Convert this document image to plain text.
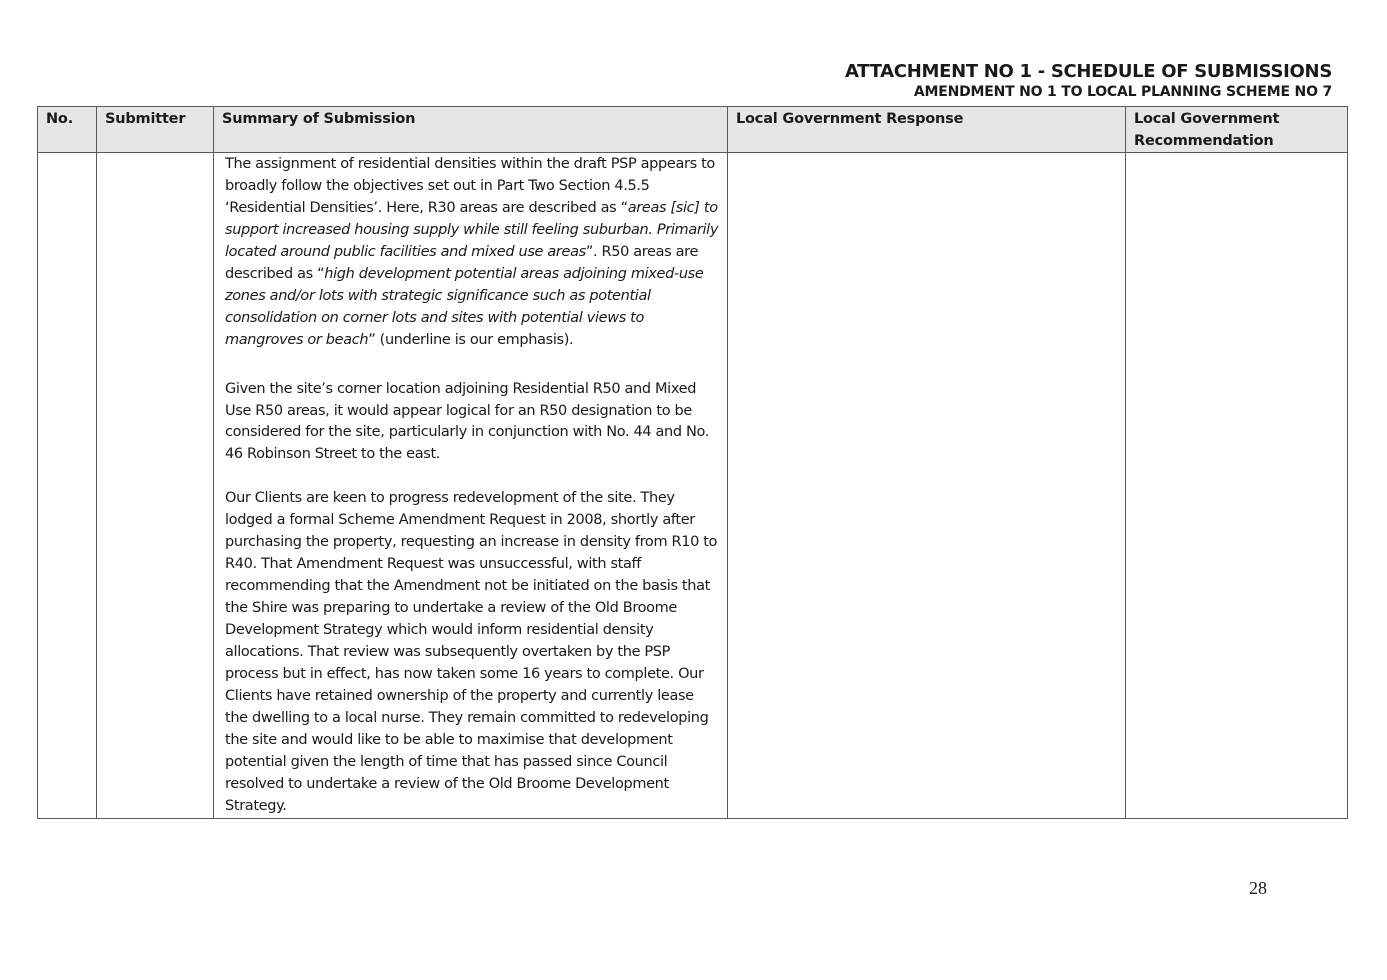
ATTACHMENT NO 1 - SCHEDULE OF SUBMISSIONS
AMENDMENT NO 1 TO LOCAL PLANNING SCHEME NO 7
No.	Submitter	Summary of Submission	Local Government Response	Local Government Recommendation

		The assignment of residential densities within the draft PSP appears to broadly follow the objectives set out in Part Two Section 4.5.5 ‘Residential Densities’. Here, R30 areas are described as “areas [sic] to support increased housing supply while still feeling suburban. Primarily located around public facilities and mixed use areas”. R50 areas are described as “high development potential areas adjoining mixed-use zones and/or lots with strategic significance such as potential consolidation on corner lots and sites with potential views to mangroves or beach” (underline is our emphasis).

Given the site’s corner location adjoining Residential R50 and Mixed Use R50 areas, it would appear logical for an R50 designation to be considered for the site, particularly in conjunction with No. 44 and No. 46 Robinson Street to the east.

Our Clients are keen to progress redevelopment of the site. They lodged a formal Scheme Amendment Request in 2008, shortly after purchasing the property, requesting an increase in density from R10 to R40. That Amendment Request was unsuccessful, with staff recommending that the Amendment not be initiated on the basis that the Shire was preparing to undertake a review of the Old Broome Development Strategy which would inform residential density allocations. That review was subsequently overtaken by the PSP process but in effect, has now taken some 16 years to complete. Our Clients have retained ownership of the property and currently lease the dwelling to a local nurse. They remain committed to redeveloping the site and would like to be able to maximise that development potential given the length of time that has passed since Council resolved to undertake a review of the Old Broome Development Strategy.		

28
